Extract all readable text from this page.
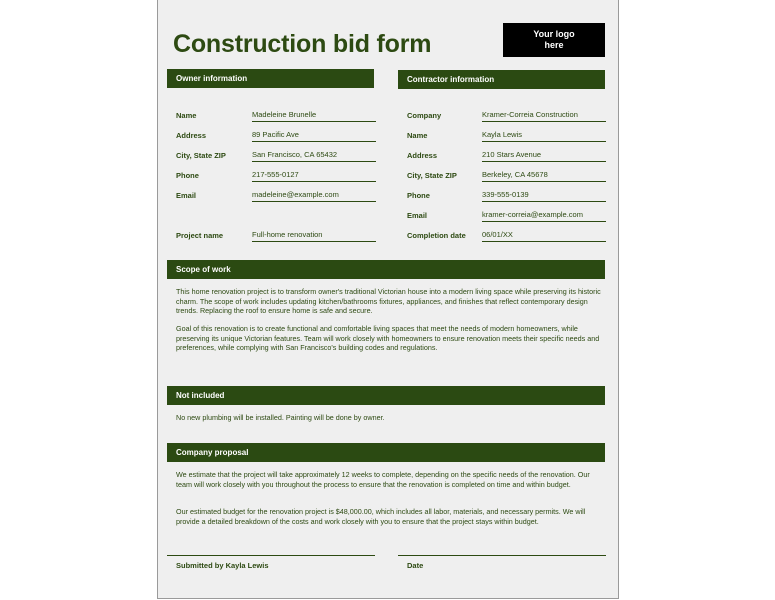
Construction bid form	Your logo here
Owner information
Name	Madeleine Brunelle
Address	89 Pacific Ave
City, State ZIP	San Francisco, CA 65432
Phone	217-555-0127
Email	madeleine@example.com
Project name	Full-home renovation
Contractor information
Company	Kramer-Correia Construction
Name	Kayla Lewis
Address	210 Stars Avenue
City, State ZIP	Berkeley, CA 45678
Phone	339-555-0139
Email	kramer-correia@example.com
Completion date 06/01/XX
Scope of work
This home renovation project is to transform owner's traditional Victorian house into a modern living space while preserving its historic charm. The scope of work includes updating kitchen/bathrooms fixtures, appliances, and finishes that reflect contemporary design trends. Replacing the roof to ensure home is safe and secure.
Goal of this renovation is to create functional and comfortable living spaces that meet the needs of modern homeowners, while preserving its unique Victorian features. Team will work closely with homeowners to ensure renovation meets their specific needs and preferences, while complying with San Francisco's building codes and regulations.
Not included
No new plumbing will be installed. Painting will be done by owner.
Company proposal
We estimate that the project will take approximately 12 weeks to complete, depending on the specific needs of the renovation. Our team will work closely with you throughout the process to ensure that the renovation is completed on time and within budget.
Our estimated budget for the renovation project is $48,000.00, which includes all labor, materials, and necessary permits. We will provide a detailed breakdown of the costs and work closely with you to ensure that the project stays within budget.
Submitted by Kayla Lewis	Date
